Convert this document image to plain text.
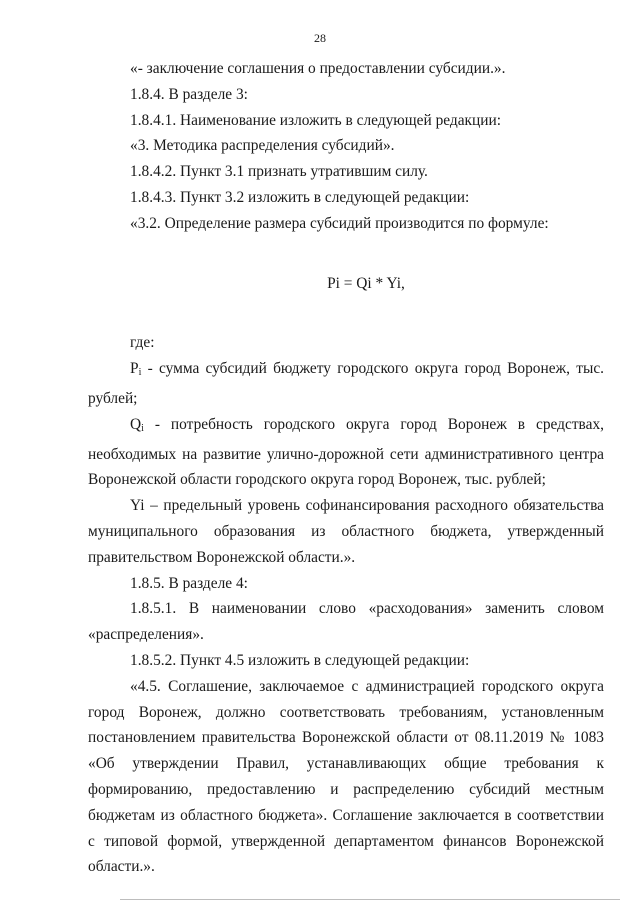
28

«- заключение соглашения о предоставлении субсидии.».

1.8.4. В разделе 3:

1.8.4.1. Наименование изложить в следующей редакции:

«3. Методика распределения субсидий».

1.8.4.2. Пункт 3.1 признать утратившим силу.

1.8.4.3. Пункт 3.2 изложить в следующей редакции:

«3.2. Определение размера субсидий производится по формуле:

Pi = Qi * Yi,

где:

$P_i$ - сумма субсидий бюджету городского округа город Воронеж, тыс. рублей;

$Q_i$ - потребность городского округа город Воронеж в средствах, необходимых на развитие улично-дорожной сети административного центра Воронежской области городского округа город Воронеж, тыс. рублей;

Yi – предельный уровень софинансирования расходного обязательства муниципального образования из областного бюджета, утвержденный правительством Воронежской области.».

1.8.5. В разделе 4:

1.8.5.1. В наименовании слово «расходования» заменить словом «распределения».

1.8.5.2. Пункт 4.5 изложить в следующей редакции:

«4.5. Соглашение, заключаемое с администрацией городского округа город Воронеж, должно соответствовать требованиям, установленным постановлением правительства Воронежской области от 08.11.2019 № 1083 «Об утверждении Правил, устанавливающих общие требования к формированию, предоставлению и распределению субсидий местным бюджетам из областного бюджета». Соглашение заключается в соответствии с типовой формой, утвержденной департаментом финансов Воронежской области.».
